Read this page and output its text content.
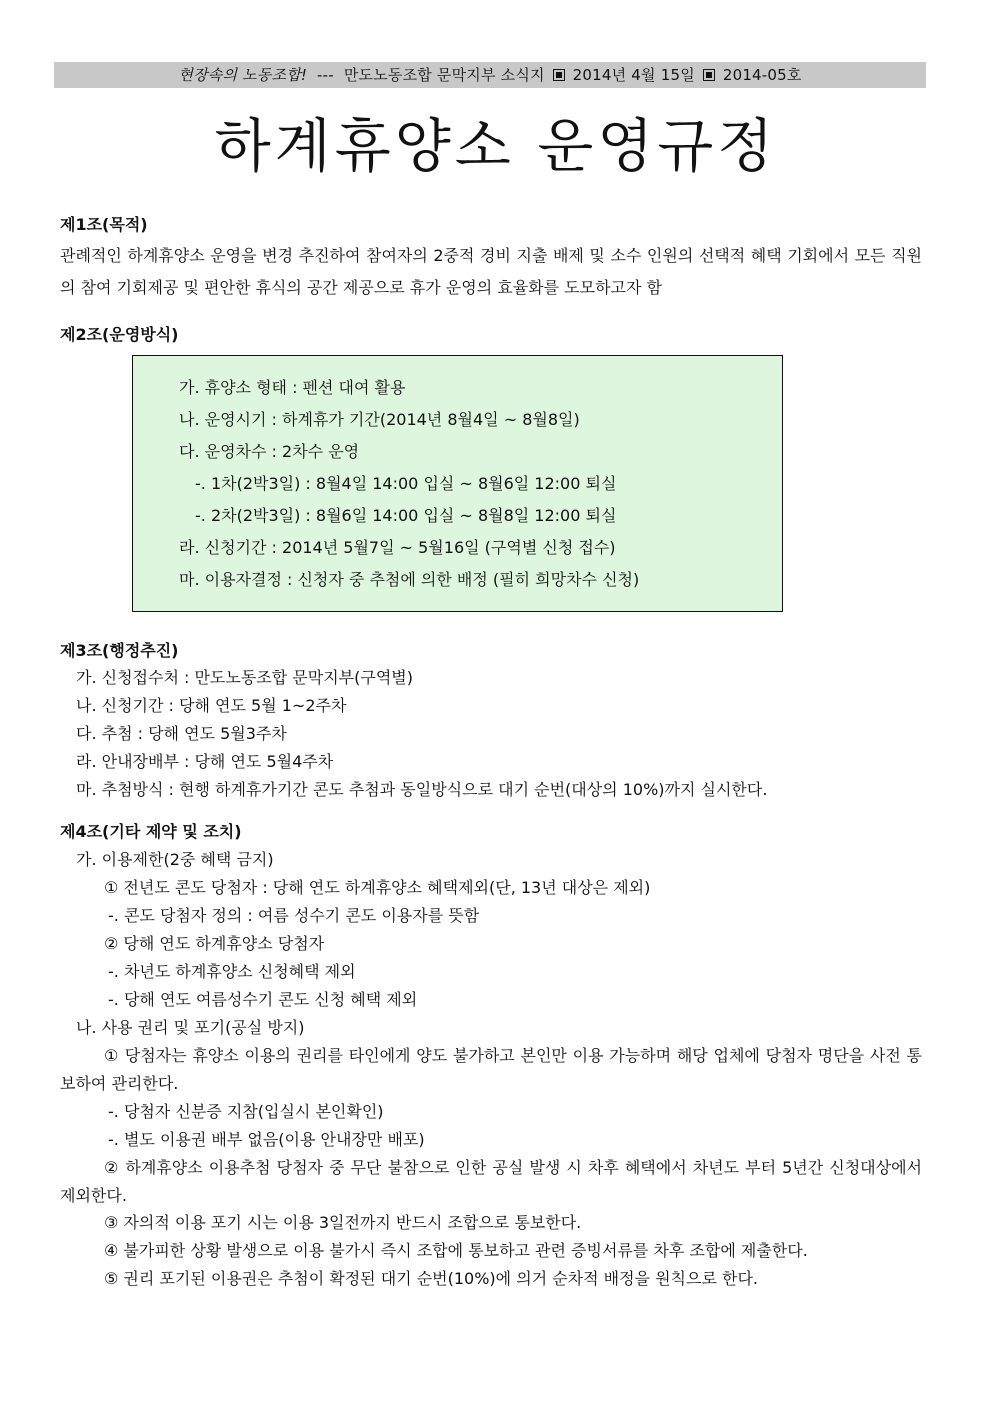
현장속의 노동조합! --- 만도노동조합 문막지부 소식지 2014년 4월 15일 2014-05호
하계휴양소 운영규정
제1조(목적)
관례적인 하계휴양소 운영을 변경 추진하여 참여자의 2중적 경비 지출 배제 및 소수 인원의 선택적 혜택 기회에서 모든 직원의 참여 기회제공 및 편안한 휴식의 공간 제공으로 휴가 운영의 효율화를 도모하고자 함
제2조(운영방식)
가. 휴양소 형태 : 펜션 대여 활용
나. 운영시기 : 하계휴가 기간(2014년 8월4일 ~ 8월8일)
다. 운영차수 : 2차수 운영
-. 1차(2박3일) : 8월4일 14:00 입실 ~ 8월6일 12:00 퇴실
-. 2차(2박3일) : 8월6일 14:00 입실 ~ 8월8일 12:00 퇴실
라. 신청기간 : 2014년 5월7일 ~ 5월16일 (구역별 신청 접수)
마. 이용자결정 : 신청자 중 추첨에 의한 배정 (필히 희망차수 신청)
제3조(행정추진)
가. 신청접수처 : 만도노동조합 문막지부(구역별)
나. 신청기간 : 당해 연도 5월 1~2주차
다. 추첨 : 당해 연도 5월3주차
라. 안내장배부 : 당해 연도 5월4주차
마. 추첨방식 : 현행 하계휴가기간 콘도 추첨과 동일방식으로 대기 순번(대상의 10%)까지 실시한다.
제4조(기타 제약 및 조치)
가. 이용제한(2중 혜택 금지)
① 전년도 콘도 당첨자 : 당해 연도 하계휴양소 혜택제외(단, 13년 대상은 제외)
-. 콘도 당첨자 정의 : 여름 성수기 콘도 이용자를 뜻함
② 당해 연도 하계휴양소 당첨자
-. 차년도 하계휴양소 신청혜택 제외
-. 당해 연도 여름성수기 콘도 신청 혜택 제외
나. 사용 권리 및 포기(공실 방지)
① 당첨자는 휴양소 이용의 권리를 타인에게 양도 불가하고 본인만 이용 가능하며 해당 업체에 당첨자 명단을 사전 통보하여 관리한다.
-. 당첨자 신분증 지참(입실시 본인확인)
-. 별도 이용권 배부 없음(이용 안내장만 배포)
② 하계휴양소 이용추첨 당첨자 중 무단 불참으로 인한 공실 발생 시 차후 혜택에서 차년도 부터 5년간 신청대상에서 제외한다.
③ 자의적 이용 포기 시는 이용 3일전까지 반드시 조합으로 통보한다.
④ 불가피한 상황 발생으로 이용 불가시 즉시 조합에 통보하고 관련 증빙서류를 차후 조합에 제출한다.
⑤ 권리 포기된 이용권은 추첨이 확정된 대기 순번(10%)에 의거 순차적 배정을 원칙으로 한다.
